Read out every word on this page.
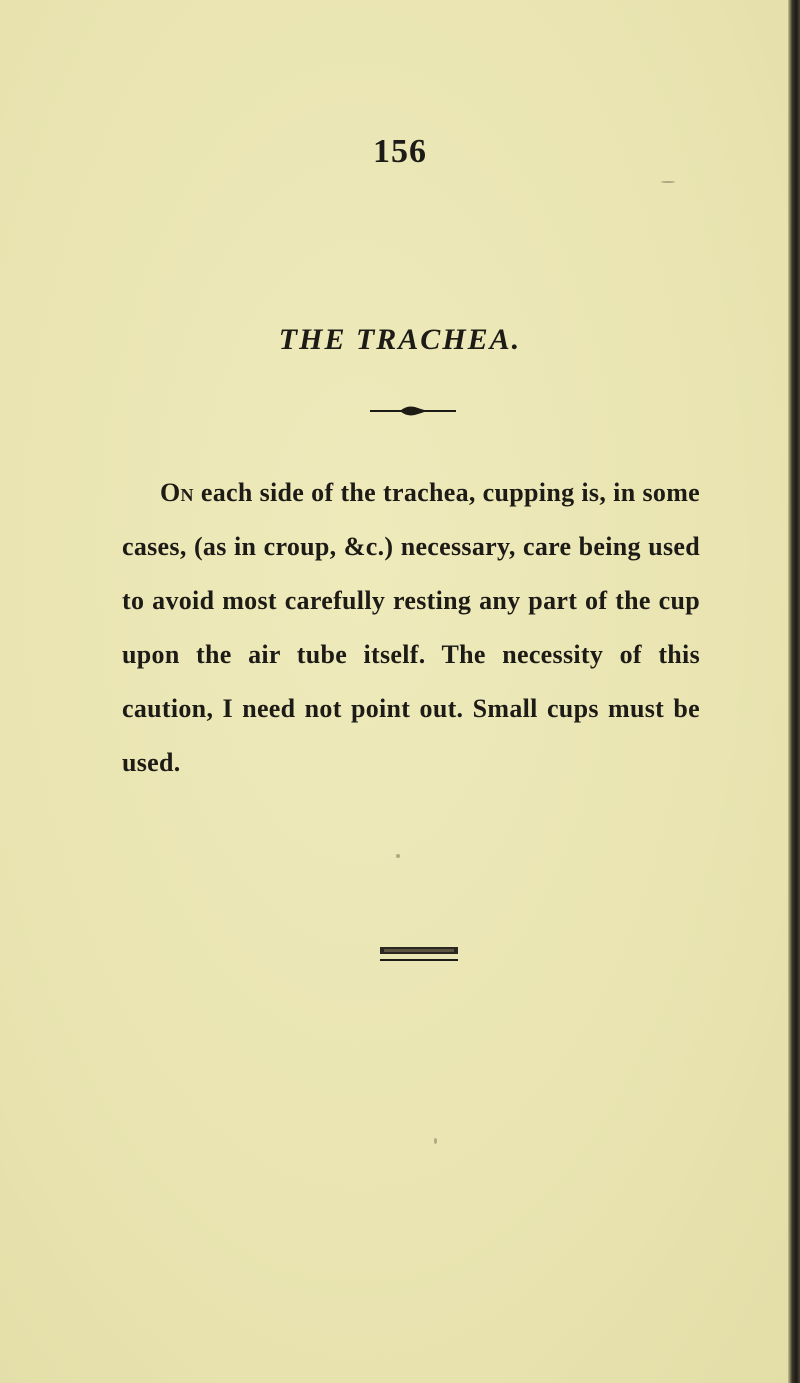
156
THE TRACHEA.
On each side of the trachea, cupping is, in some cases, (as in croup, &c.) necessary, care being used to avoid most carefully resting any part of the cup upon the air tube itself. The necessity of this caution, I need not point out. Small cups must be used.
